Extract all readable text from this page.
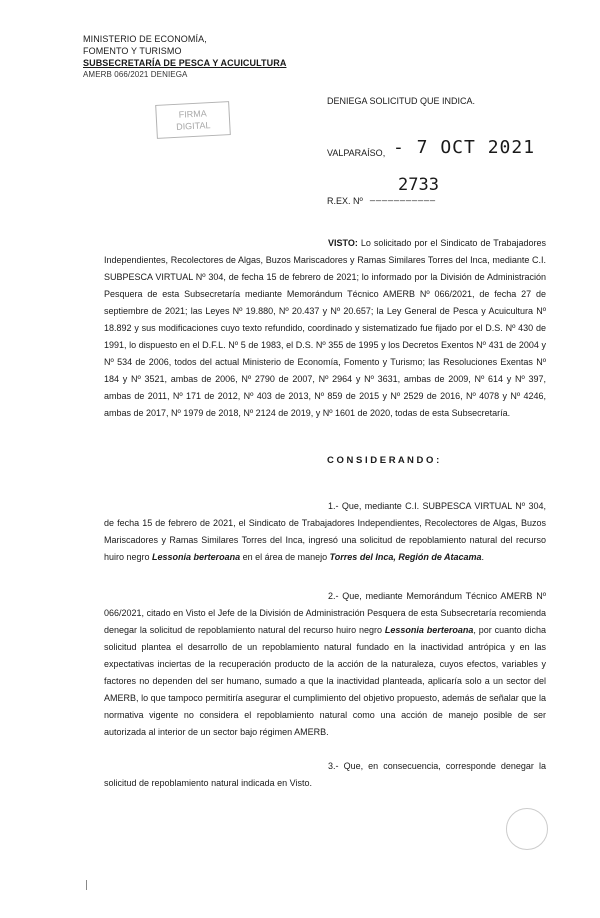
MINISTERIO DE ECONOMÍA,
FOMENTO Y TURISMO
SUBSECRETARÍA DE PESCA Y ACUICULTURA
AMERB 066/2021 DENIEGA
FIRMA
DIGITAL
DENIEGA SOLICITUD QUE INDICA.
VALPARAÍSO, - 7 OCT 2021
R.EX. Nº ___________
2733
VISTO: Lo solicitado por el Sindicato de Trabajadores Independientes, Recolectores de Algas, Buzos Mariscadores y Ramas Similares Torres del Inca, mediante C.I. SUBPESCA VIRTUAL Nº 304, de fecha 15 de febrero de 2021; lo informado por la División de Administración Pesquera de esta Subsecretaría mediante Memorándum Técnico AMERB Nº 066/2021, de fecha 27 de septiembre de 2021; las Leyes Nº 19.880, Nº 20.437 y Nº 20.657; la Ley General de Pesca y Acuicultura Nº 18.892 y sus modificaciones cuyo texto refundido, coordinado y sistematizado fue fijado por el D.S. Nº 430 de 1991, lo dispuesto en el D.F.L. Nº 5 de 1983, el D.S. Nº 355 de 1995 y los Decretos Exentos Nº 431 de 2004 y Nº 534 de 2006, todos del actual Ministerio de Economía, Fomento y Turismo; las Resoluciones Exentas Nº 184 y Nº 3521, ambas de 2006, Nº 2790 de 2007, Nº 2964 y Nº 3631, ambas de 2009, Nº 614 y Nº 397, ambas de 2011, Nº 171 de 2012, Nº 403 de 2013, Nº 859 de 2015 y Nº 2529 de 2016, Nº 4078 y Nº 4246, ambas de 2017, Nº 1979 de 2018, Nº 2124 de 2019, y Nº 1601 de 2020, todas de esta Subsecretaría.
C O N S I D E R A N D O :
1.- Que, mediante C.I. SUBPESCA VIRTUAL Nº 304, de fecha 15 de febrero de 2021, el Sindicato de Trabajadores Independientes, Recolectores de Algas, Buzos Mariscadores y Ramas Similares Torres del Inca, ingresó una solicitud de repoblamiento natural del recurso huiro negro Lessonia berteroana en el área de manejo Torres del Inca, Región de Atacama.
2.- Que, mediante Memorándum Técnico AMERB Nº 066/2021, citado en Visto el Jefe de la División de Administración Pesquera de esta Subsecretaría recomienda denegar la solicitud de repoblamiento natural del recurso huiro negro Lessonia berteroana, por cuanto dicha solicitud plantea el desarrollo de un repoblamiento natural fundado en la inactividad antrópica y en las expectativas inciertas de la recuperación producto de la acción de la naturaleza, cuyos efectos, variables y factores no dependen del ser humano, sumado a que la inactividad planteada, aplicaría solo a un sector del AMERB, lo que tampoco permitiría asegurar el cumplimiento del objetivo propuesto, además de señalar que la normativa vigente no considera el repoblamiento natural como una acción de manejo posible de ser autorizada al interior de un sector bajo régimen AMERB.
3.- Que, en consecuencia, corresponde denegar la solicitud de repoblamiento natural indicada en Visto.
